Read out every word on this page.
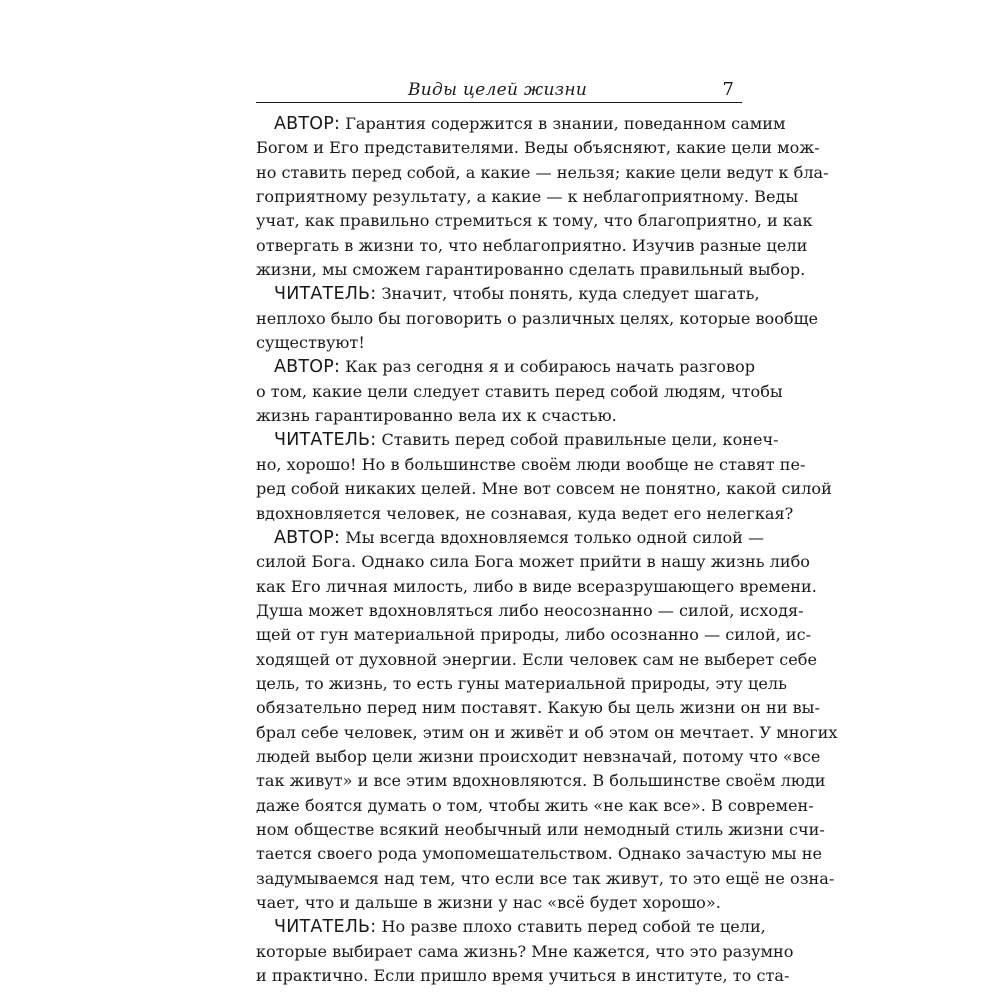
Виды целей жизни	7
АВТОР: Гарантия содержится в знании, поведанном самим
Богом и Его представителями. Веды объясняют, какие цели мож-
но ставить перед собой, а какие — нельзя; какие цели ведут к бла-
гоприятному результату, а какие — к неблагоприятному. Веды
учат, как правильно стремиться к тому, что благоприятно, и как
отвергать в жизни то, что неблагоприятно. Изучив разные цели
жизни, мы сможем гарантированно сделать правильный выбор.
ЧИТАТЕЛЬ: Значит, чтобы понять, куда следует шагать,
неплохо было бы поговорить о различных целях, которые вообще
существуют!
АВТОР: Как раз сегодня я и собираюсь начать разговор
о том, какие цели следует ставить перед собой людям, чтобы
жизнь гарантированно вела их к счастью.
ЧИТАТЕЛЬ: Ставить перед собой правильные цели, конеч-
но, хорошо! Но в большинстве своём люди вообще не ставят пе-
ред собой никаких целей. Мне вот совсем не понятно, какой силой
вдохновляется человек, не сознавая, куда ведет его нелегкая?
АВТОР: Мы всегда вдохновляемся только одной силой —
силой Бога. Однако сила Бога может прийти в нашу жизнь либо
как Его личная милость, либо в виде всеразрушающего времени.
Душа может вдохновляться либо неосознанно — силой, исходя-
щей от гун материальной природы, либо осознанно — силой, ис-
ходящей от духовной энергии. Если человек сам не выберет себе
цель, то жизнь, то есть гуны материальной природы, эту цель
обязательно перед ним поставят. Какую бы цель жизни он ни вы-
брал себе человек, этим он и живёт и об этом он мечтает. У многих
людей выбор цели жизни происходит невзначай, потому что «все
так живут» и все этим вдохновляются. В большинстве своём люди
даже боятся думать о том, чтобы жить «не как все». В современ-
ном обществе всякий необычный или немодный стиль жизни счи-
тается своего рода умопомешательством. Однако зачастую мы не
задумываемся над тем, что если все так живут, то это ещё не озна-
чает, что и дальше в жизни у нас «всё будет хорошо».
ЧИТАТЕЛЬ: Но разве плохо ставить перед собой те цели,
которые выбирает сама жизнь? Мне кажется, что это разумно
и практично. Если пришло время учиться в институте, то ста-
